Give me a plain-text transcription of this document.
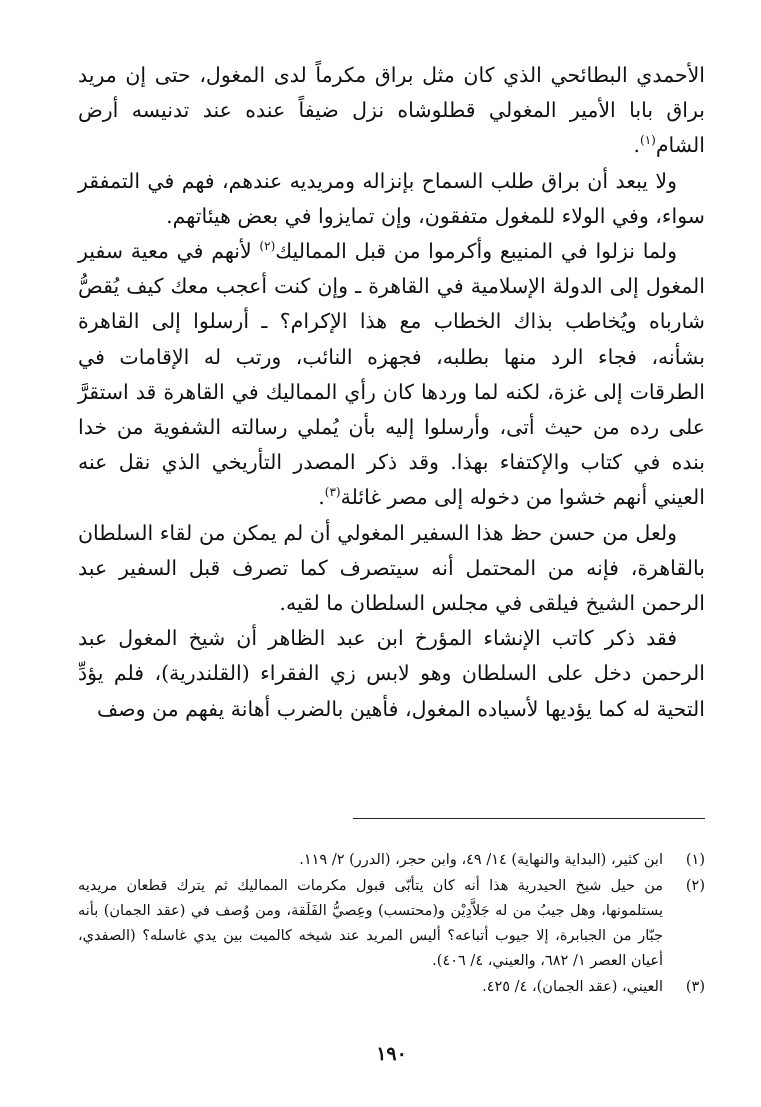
الأحمدي البطائحي الذي كان مثل براق مكرماً لدى المغول، حتى إن مريد براق بابا الأمير المغولي قطلوشاه نزل ضيفاً عنده عند تدنيسه أرض الشام$^{(١)}$.

ولا يبعد أن براق طلب السماح بإنزاله ومريديه عندهم، فهم في التمفقر سواء، وفي الولاء للمغول متفقون، وإن تمايزوا في بعض هيئاتهم.

ولما نزلوا في المنيبع وأكرموا من قبل المماليك$^{(٢)}$ لأنهم في معية سفير المغول إلى الدولة الإسلامية في القاهرة ـ وإن كنت أعجب معك كيف يُقصُّ شارباه ويُخاطب بذاك الخطاب مع هذا الإكرام؟ ـ أرسلوا إلى القاهرة بشأنه، فجاء الرد منها بطلبه، فجهزه النائب، ورتب له الإقامات في الطرقات إلى غزة، لكنه لما وردها كان رأي المماليك في القاهرة قد استقرَّ على رده من حيث أتى، وأرسلوا إليه بأن يُملي رسالته الشفوية من خدا بنده في كتاب والإكتفاء بهذا. وقد ذكر المصدر التأريخي الذي نقل عنه العيني أنهم خشوا من دخوله إلى مصر غائلة$^{(٣)}$.

ولعل من حسن حظ هذا السفير المغولي أن لم يمكن من لقاء السلطان بالقاهرة، فإنه من المحتمل أنه سيتصرف كما تصرف قبل السفير عبد الرحمن الشيخ فيلقى في مجلس السلطان ما لقيه.

فقد ذكر كاتب الإنشاء المؤرخ ابن عبد الظاهر أن شيخ المغول عبد الرحمن دخل على السلطان وهو لابس زي الفقراء (القلندرية)، فلم يؤدِّ التحية له كما يؤديها لأسياده المغول، فأهين بالضرب أهانة يفهم من وصف

(١)
ابن كثير، (البداية والنهاية) ١٤/ ٤٩، وابن حجر، (الدرر) ٢/ ١١٩.
(٢)
من حيل شيخ الحيدرية هذا أنه كان يتأبّى قبول مكرمات المماليك ثم يترك قطعان مريديه يستلمونها، وهل جيبُ من له جَلاَّدِيْن و(محتسب) وعِصيُّ الفَلَقة، ومن وُصف في (عقد الجمان) بأنه جبّار من الجبابرة، إلا جيوب أتباعه؟ أليس المريد عند شيخه كالميت بين يدي غاسله؟ (الصفدي، أعيان العصر ١/ ٦٨٢، والعيني، ٤/ ٤٠٦).
(٣)
العيني، (عقد الجمان)، ٤/ ٤٢٥.
١٩٠
